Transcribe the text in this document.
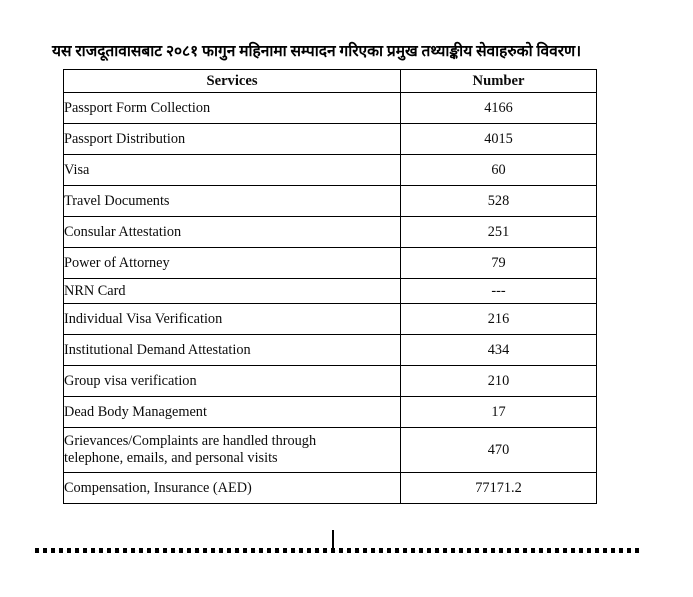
यस राजदूतावासबाट २०८१ फागुन महिनामा सम्पादन गरिएका प्रमुख तथ्याङ्कीय सेवाहरुको विवरण।
Services	Number
Passport Form Collection	4166
Passport Distribution	4015
Visa	60
Travel Documents	528
Consular Attestation	251
Power of Attorney	79
NRN Card	---
Individual Visa Verification	216
Institutional Demand Attestation	434
Group visa verification	210
Dead Body Management	17
Grievances/Complaints are handled through
telephone, emails, and personal visits	470
Compensation, Insurance (AED)	77171.2
